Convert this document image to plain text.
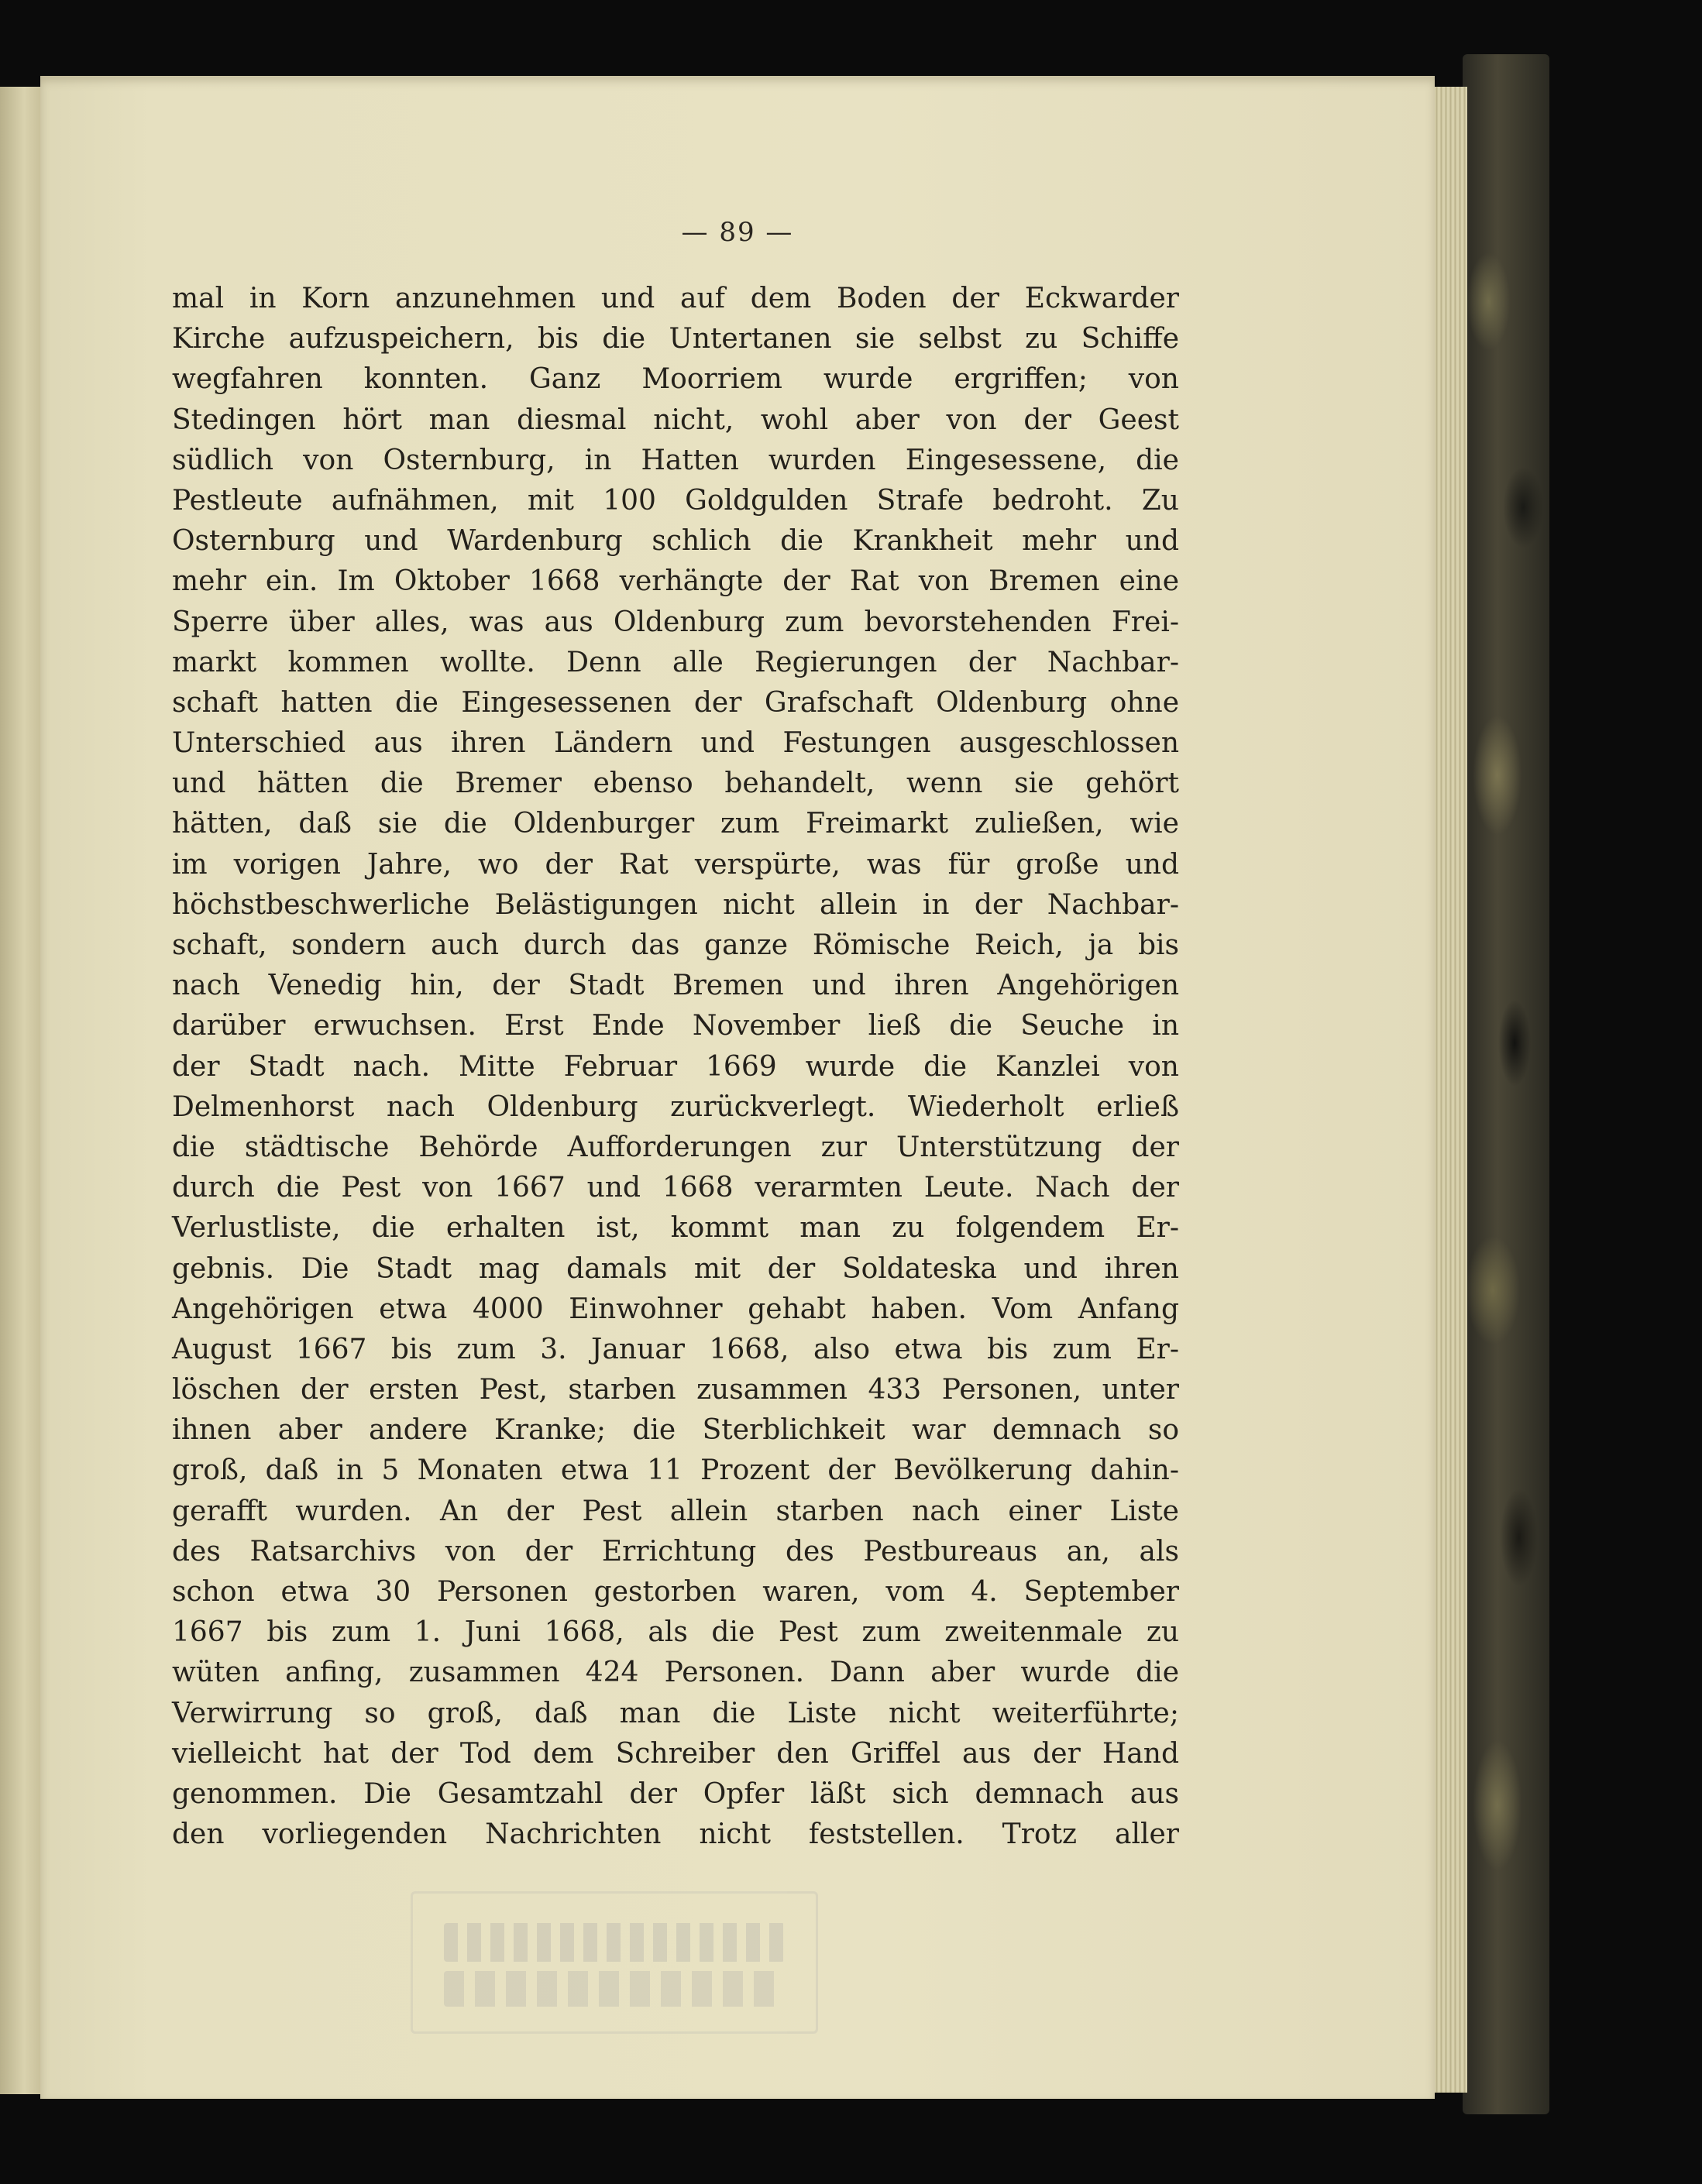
— 89 —

mal in Korn anzunehmen und auf dem Boden der Eckwarder
Kirche aufzuspeichern, bis die Untertanen sie selbst zu Schiffe
wegfahren konnten. Ganz Moorriem wurde ergriffen; von
Stedingen hört man diesmal nicht, wohl aber von der Geest
südlich von Osternburg, in Hatten wurden Eingesessene, die
Pestleute aufnähmen, mit 100 Goldgulden Strafe bedroht. Zu
Osternburg und Wardenburg schlich die Krankheit mehr und
mehr ein. Im Oktober 1668 verhängte der Rat von Bremen eine
Sperre über alles, was aus Oldenburg zum bevorstehenden Frei-
markt kommen wollte. Denn alle Regierungen der Nachbar-
schaft hatten die Eingesessenen der Grafschaft Oldenburg ohne
Unterschied aus ihren Ländern und Festungen ausgeschlossen
und hätten die Bremer ebenso behandelt, wenn sie gehört
hätten, daß sie die Oldenburger zum Freimarkt zuließen, wie
im vorigen Jahre, wo der Rat verspürte, was für große und
höchstbeschwerliche Belästigungen nicht allein in der Nachbar-
schaft, sondern auch durch das ganze Römische Reich, ja bis
nach Venedig hin, der Stadt Bremen und ihren Angehörigen
darüber erwuchsen. Erst Ende November ließ die Seuche in
der Stadt nach. Mitte Februar 1669 wurde die Kanzlei von
Delmenhorst nach Oldenburg zurückverlegt. Wiederholt erließ
die städtische Behörde Aufforderungen zur Unterstützung der
durch die Pest von 1667 und 1668 verarmten Leute. Nach der
Verlustliste, die erhalten ist, kommt man zu folgendem Er-
gebnis. Die Stadt mag damals mit der Soldateska und ihren
Angehörigen etwa 4000 Einwohner gehabt haben. Vom Anfang
August 1667 bis zum 3. Januar 1668, also etwa bis zum Er-
löschen der ersten Pest, starben zusammen 433 Personen, unter
ihnen aber andere Kranke; die Sterblichkeit war demnach so
groß, daß in 5 Monaten etwa 11 Prozent der Bevölkerung dahin-
gerafft wurden. An der Pest allein starben nach einer Liste
des Ratsarchivs von der Errichtung des Pestbureaus an, als
schon etwa 30 Personen gestorben waren, vom 4. September
1667 bis zum 1. Juni 1668, als die Pest zum zweitenmale zu
wüten anfing, zusammen 424 Personen. Dann aber wurde die
Verwirrung so groß, daß man die Liste nicht weiterführte;
vielleicht hat der Tod dem Schreiber den Griffel aus der Hand
genommen. Die Gesamtzahl der Opfer läßt sich demnach aus
den vorliegenden Nachrichten nicht feststellen. Trotz aller
